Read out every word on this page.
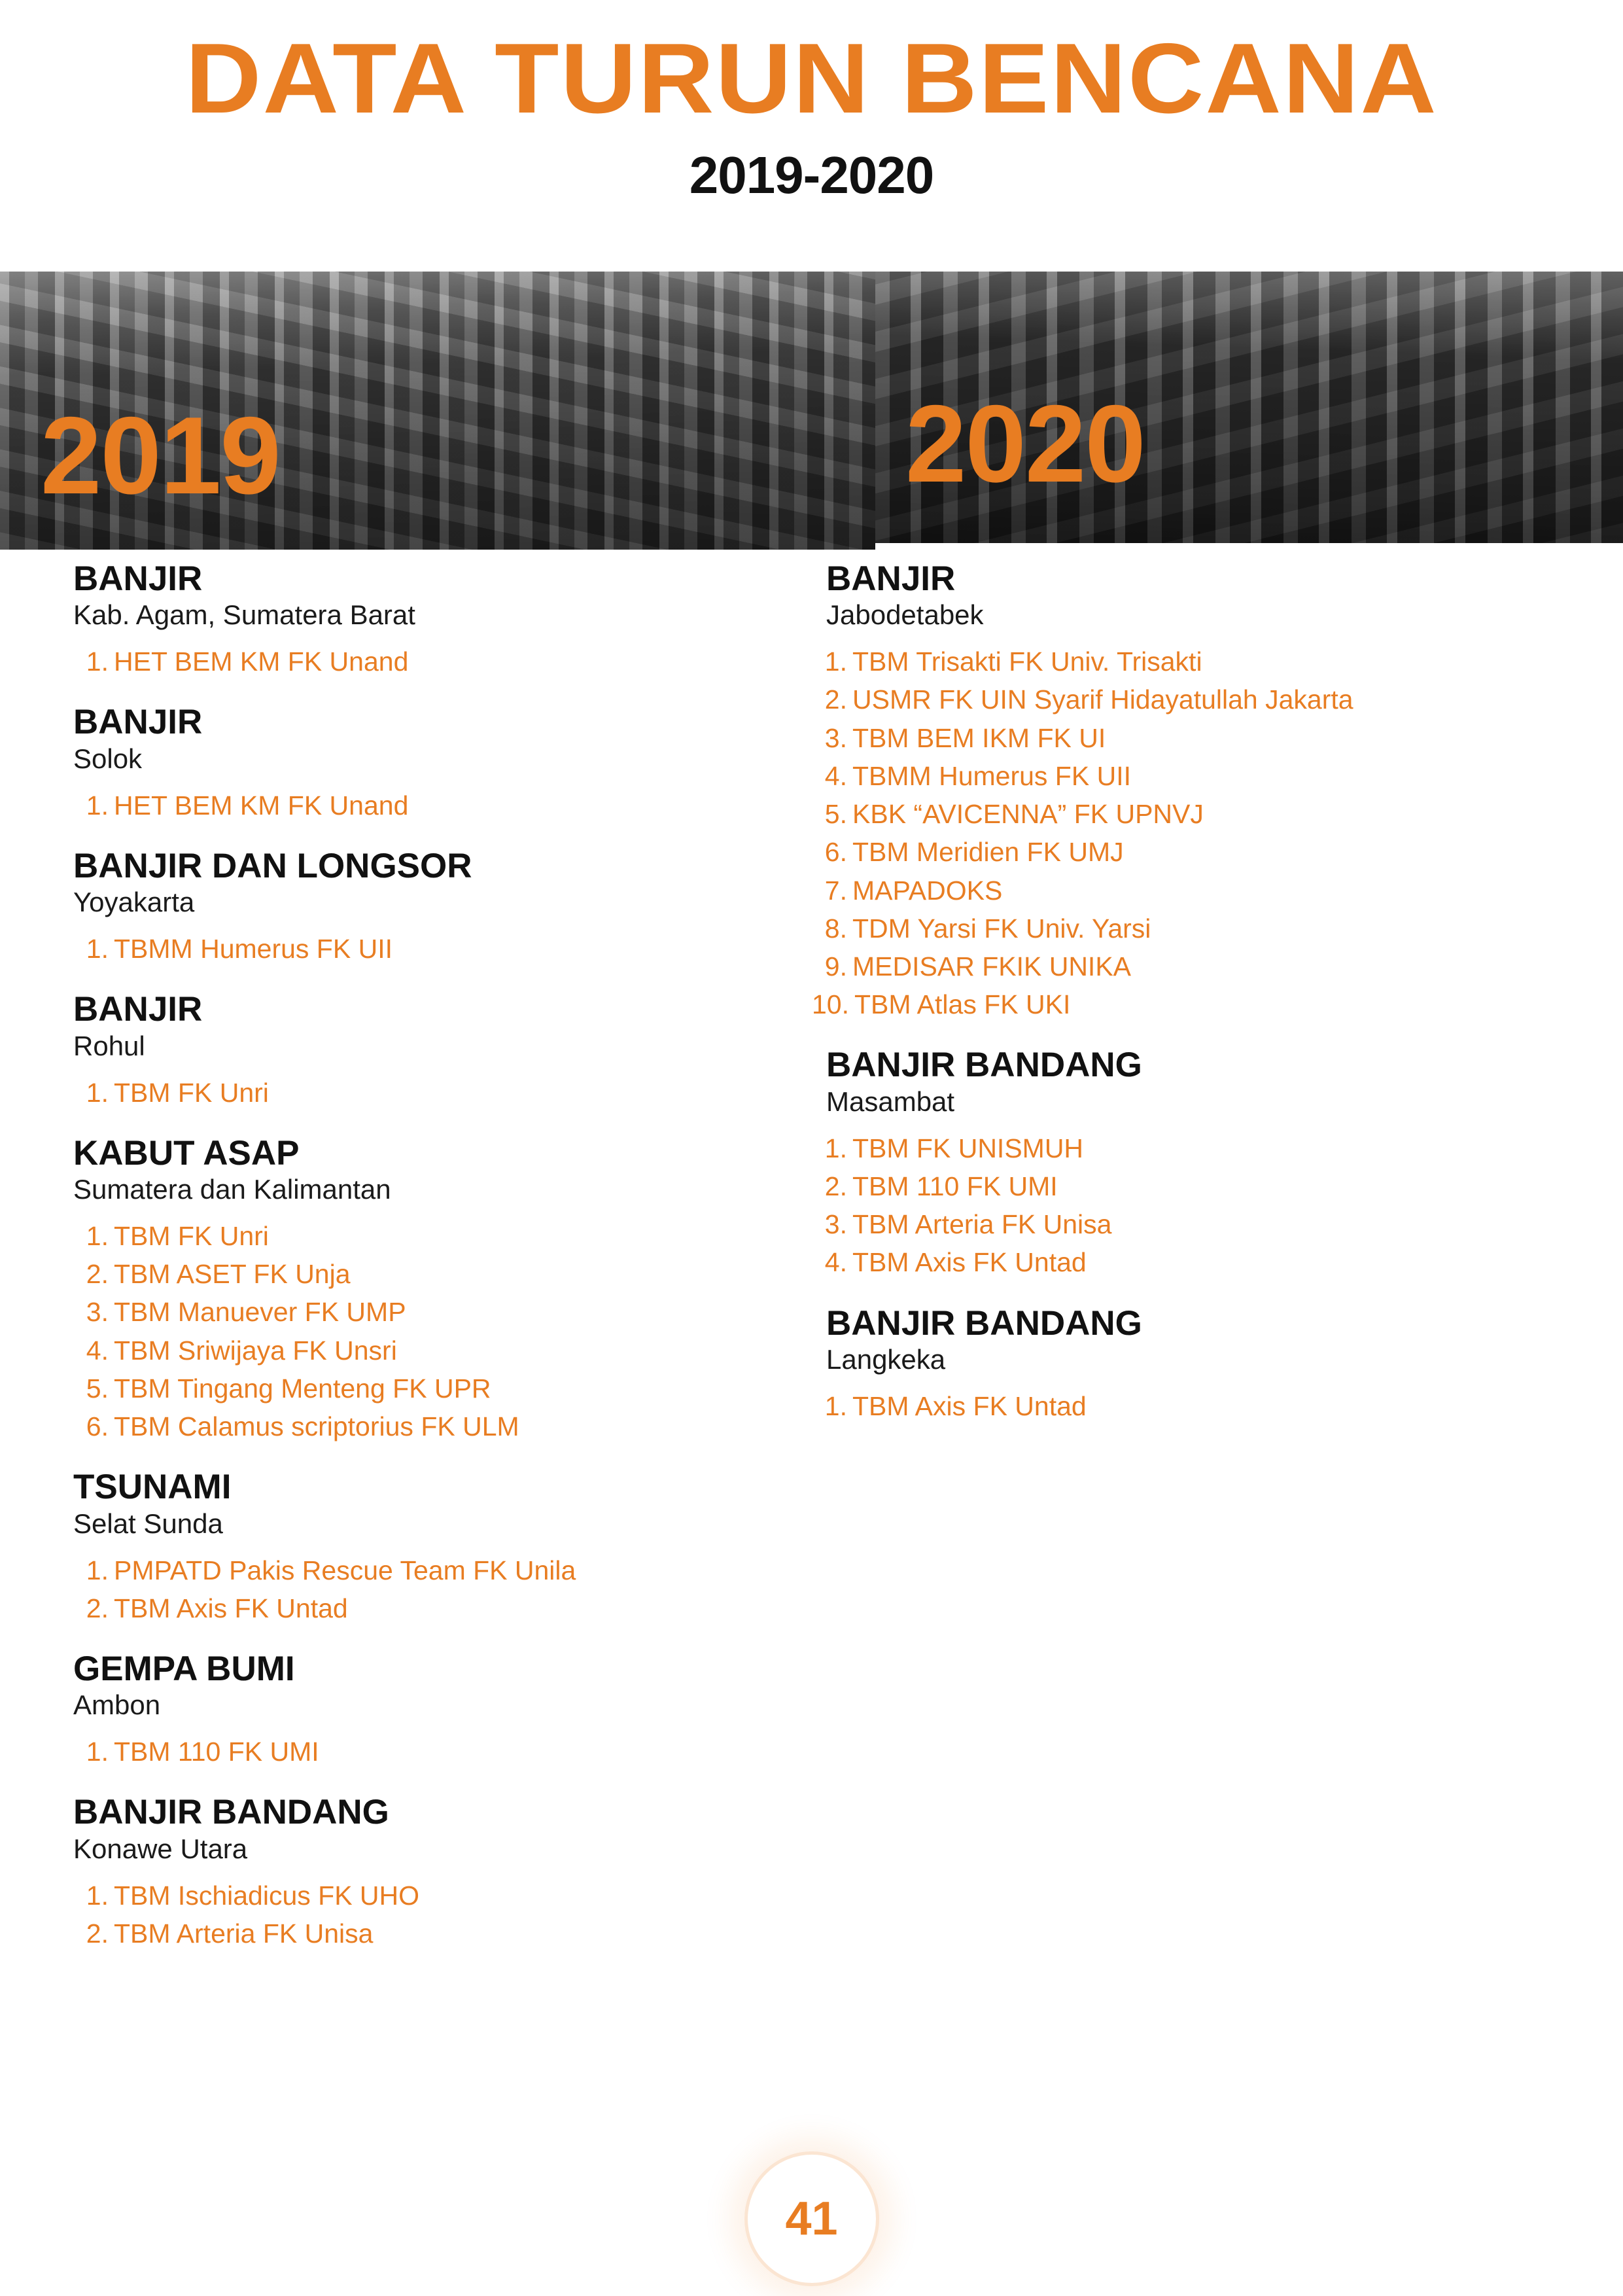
DATA TURUN BENCANA
2019-2020
2019	2020
BANJIR
Kab. Agam, Sumatera Barat
1. HET BEM KM FK Unand
BANJIR
Solok
1. HET BEM KM FK Unand
BANJIR DAN LONGSOR
Yoyakarta
1. TBMM Humerus FK UII
BANJIR
Rohul
1. TBM FK Unri
KABUT ASAP
Sumatera dan Kalimantan
1. TBM FK Unri
2. TBM ASET FK Unja
3. TBM Manuever FK UMP
4. TBM Sriwijaya FK Unsri
5. TBM Tingang Menteng FK UPR
6. TBM Calamus scriptorius FK ULM
TSUNAMI
Selat Sunda
1. PMPATD Pakis Rescue Team FK Unila
2. TBM Axis FK Untad
GEMPA BUMI
Ambon
1. TBM 110 FK UMI
BANJIR BANDANG
Konawe Utara
1. TBM Ischiadicus FK UHO
2. TBM Arteria FK Unisa
BANJIR
Jabodetabek
1. TBM Trisakti FK Univ. Trisakti
2. USMR FK UIN Syarif Hidayatullah Jakarta
3. TBM BEM IKM FK UI
4. TBMM Humerus FK UII
5. KBK “AVICENNA” FK UPNVJ
6. TBM Meridien FK UMJ
7. MAPADOKS
8. TDM Yarsi FK Univ. Yarsi
9. MEDISAR FKIK UNIKA
10. TBM Atlas FK UKI
BANJIR BANDANG
Masambat
1. TBM FK UNISMUH
2. TBM 110 FK UMI
3. TBM Arteria FK Unisa
4. TBM Axis FK Untad
BANJIR BANDANG
Langkeka
1. TBM Axis FK Untad
41
